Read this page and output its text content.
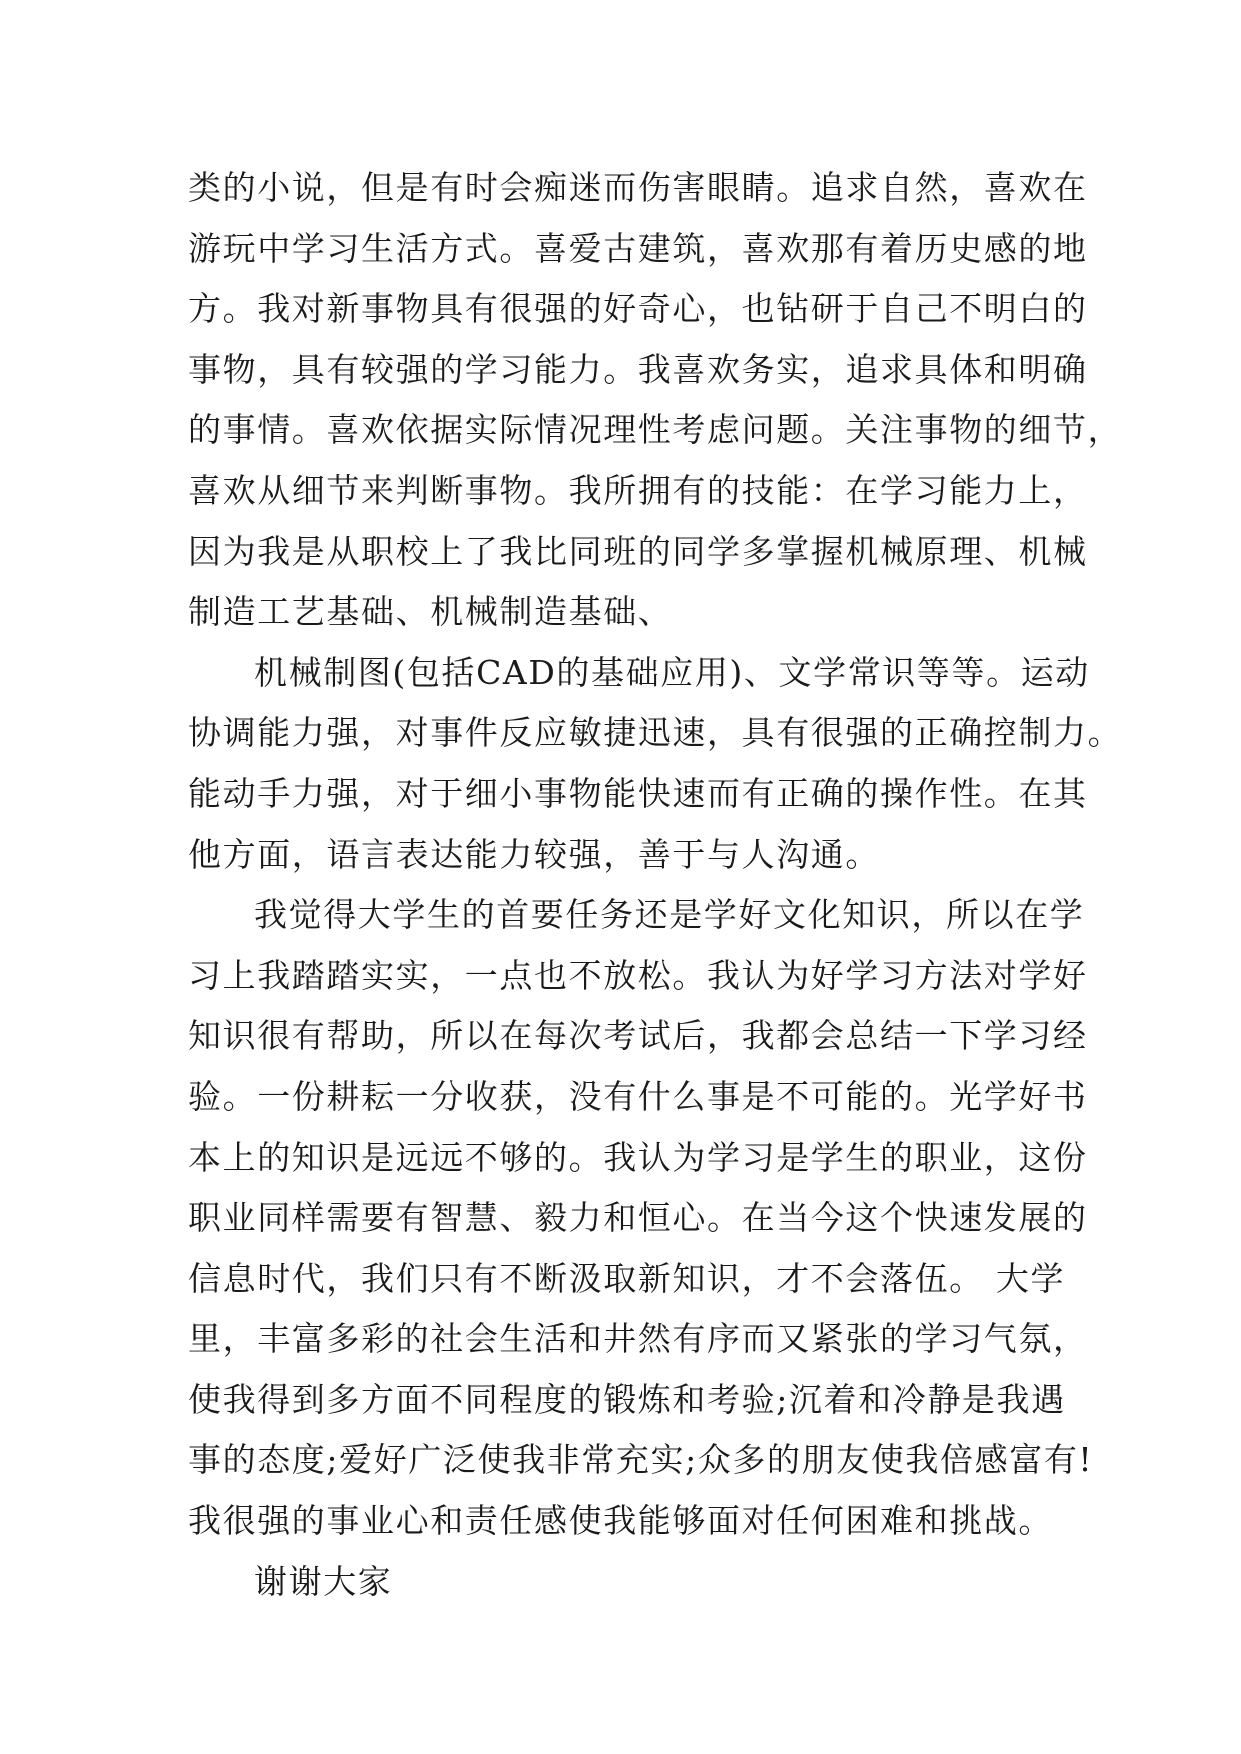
类的小说，但是有时会痴迷而伤害眼睛。追求自然，喜欢在
游玩中学习生活方式。喜爱古建筑，喜欢那有着历史感的地
方。我对新事物具有很强的好奇心，也钻研于自己不明白的
事物，具有较强的学习能力。我喜欢务实，追求具体和明确
的事情。喜欢依据实际情况理性考虑问题。关注事物的细节，
喜欢从细节来判断事物。我所拥有的技能：在学习能力上，
因为我是从职校上了我比同班的同学多掌握机械原理、机械
制造工艺基础、机械制造基础、

机械制图(包括CAD的基础应用)、文学常识等等。运动
协调能力强，对事件反应敏捷迅速，具有很强的正确控制力。
能动手力强，对于细小事物能快速而有正确的操作性。在其
他方面，语言表达能力较强，善于与人沟通。

我觉得大学生的首要任务还是学好文化知识，所以在学
习上我踏踏实实，一点也不放松。我认为好学习方法对学好
知识很有帮助，所以在每次考试后，我都会总结一下学习经
验。一份耕耘一分收获，没有什么事是不可能的。光学好书
本上的知识是远远不够的。我认为学习是学生的职业，这份
职业同样需要有智慧、毅力和恒心。在当今这个快速发展的
信息时代，我们只有不断汲取新知识，才不会落伍。 大学
里，丰富多彩的社会生活和井然有序而又紧张的学习气氛，
使我得到多方面不同程度的锻炼和考验;沉着和冷静是我遇
事的态度;爱好广泛使我非常充实;众多的朋友使我倍感富有!
我很强的事业心和责任感使我能够面对任何困难和挑战。

谢谢大家
